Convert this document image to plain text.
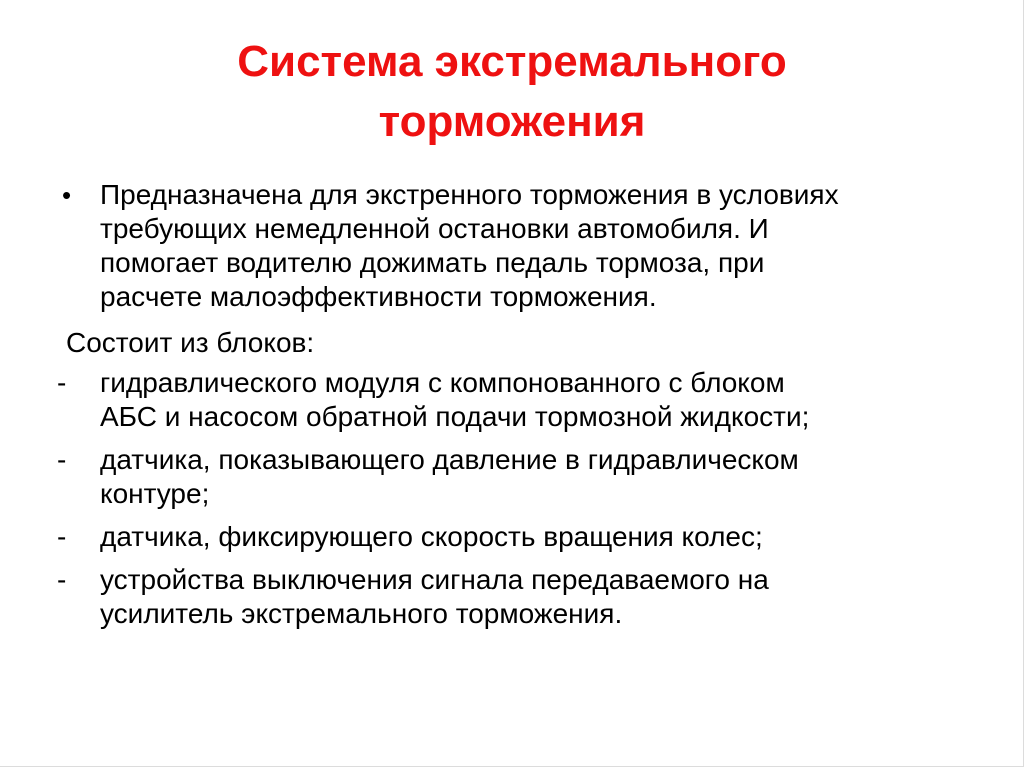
Система экстремального
торможения
•	Предназначена для экстренного торможения в условиях
требующих немедленной остановки автомобиля. И
помогает водителю дожимать педаль тормоза, при
расчете малоэффективности торможения.
Состоит из блоков:
-	гидравлического модуля с компонованного с блоком
АБС и насосом обратной подачи тормозной жидкости;
-	датчика, показывающего давление в гидравлическом
контуре;
-	датчика, фиксирующего скорость вращения колес;
-	устройства выключения сигнала передаваемого на
усилитель экстремального торможения.
